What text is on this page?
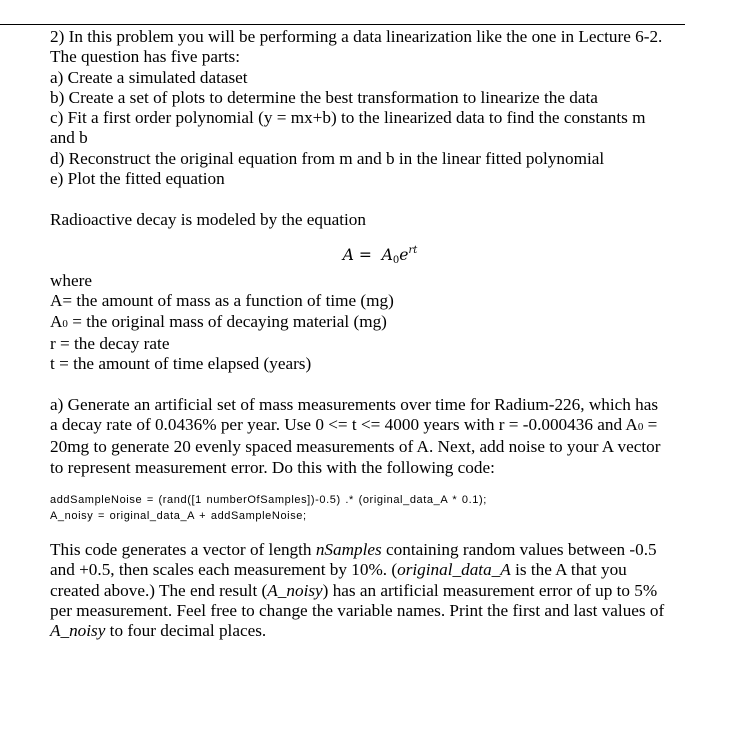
2) In this problem you will be performing a data linearization like the one in Lecture 6-2.

The question has five parts:

a) Create a simulated dataset

b) Create a set of plots to determine the best transformation to linearize the data

c) Fit a first order polynomial (y = mx+b) to the linearized data to find the constants m

and b

d) Reconstruct the original equation from m and b in the linear fitted polynomial

e) Plot the fitted equation

Radioactive decay is modeled by the equation

$A = A_0e^{rt}$

where

A= the amount of mass as a function of time (mg)

A0 = the original mass of decaying material (mg)

r = the decay rate

t = the amount of time elapsed (years)

a) Generate an artificial set of mass measurements over time for Radium-226, which has

a decay rate of 0.0436% per year. Use 0 <= t <= 4000 years with r = -0.000436 and A0 =

20mg to generate 20 evenly spaced measurements of A. Next, add noise to your A vector

to represent measurement error. Do this with the following code:

addSampleNoise = (rand([1 numberOfSamples])-0.5) .* (original_data_A * 0.1);

A_noisy = original_data_A + addSampleNoise;

This code generates a vector of length nSamples containing random values between -0.5

and +0.5, then scales each measurement by 10%. (original_data_A is the A that you

created above.) The end result (A_noisy) has an artificial measurement error of up to 5%

per measurement. Feel free to change the variable names. Print the first and last values of

A_noisy to four decimal places.
